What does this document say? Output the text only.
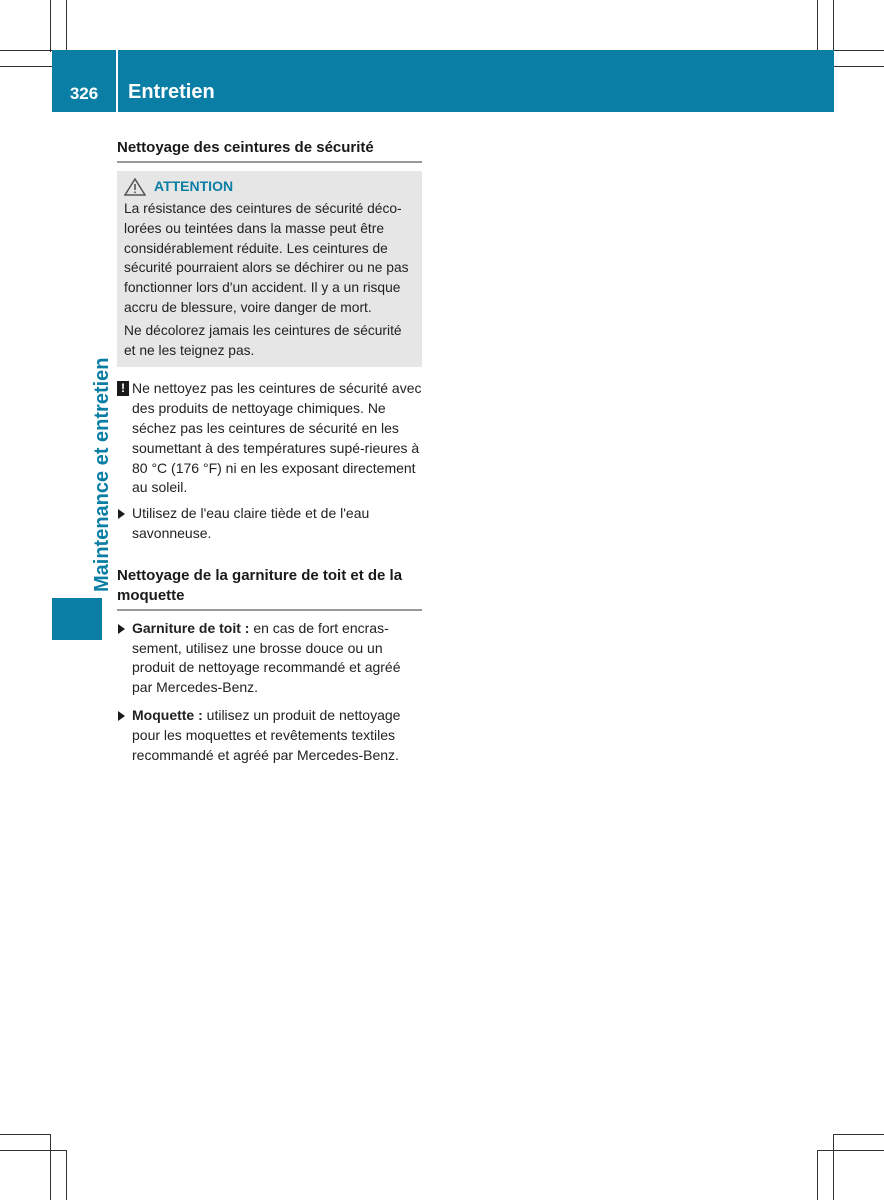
326	Entretien
Maintenance et entretien
Nettoyage des ceintures de sécurité
ATTENTION

La résistance des ceintures de sécurité déco-lorées ou teintées dans la masse peut être considérablement réduite. Les ceintures de sécurité pourraient alors se déchirer ou ne pas fonctionner lors d'un accident. Il y a un risque accru de blessure, voire danger de mort.

Ne décolorez jamais les ceintures de sécurité et ne les teignez pas.

! Ne nettoyez pas les ceintures de sécurité avec des produits de nettoyage chimiques. Ne séchez pas les ceintures de sécurité en les soumettant à des températures supé-rieures à 80 °C (176 °F) ni en les exposant directement au soleil.
Utilisez de l'eau claire tiède et de l'eau savonneuse.
Nettoyage de la garniture de toit et de la moquette
Garniture de toit : en cas de fort encras-sement, utilisez une brosse douce ou un produit de nettoyage recommandé et agréé par Mercedes-Benz.
Moquette : utilisez un produit de nettoyage pour les moquettes et revêtements textiles recommandé et agréé par Mercedes-Benz.
